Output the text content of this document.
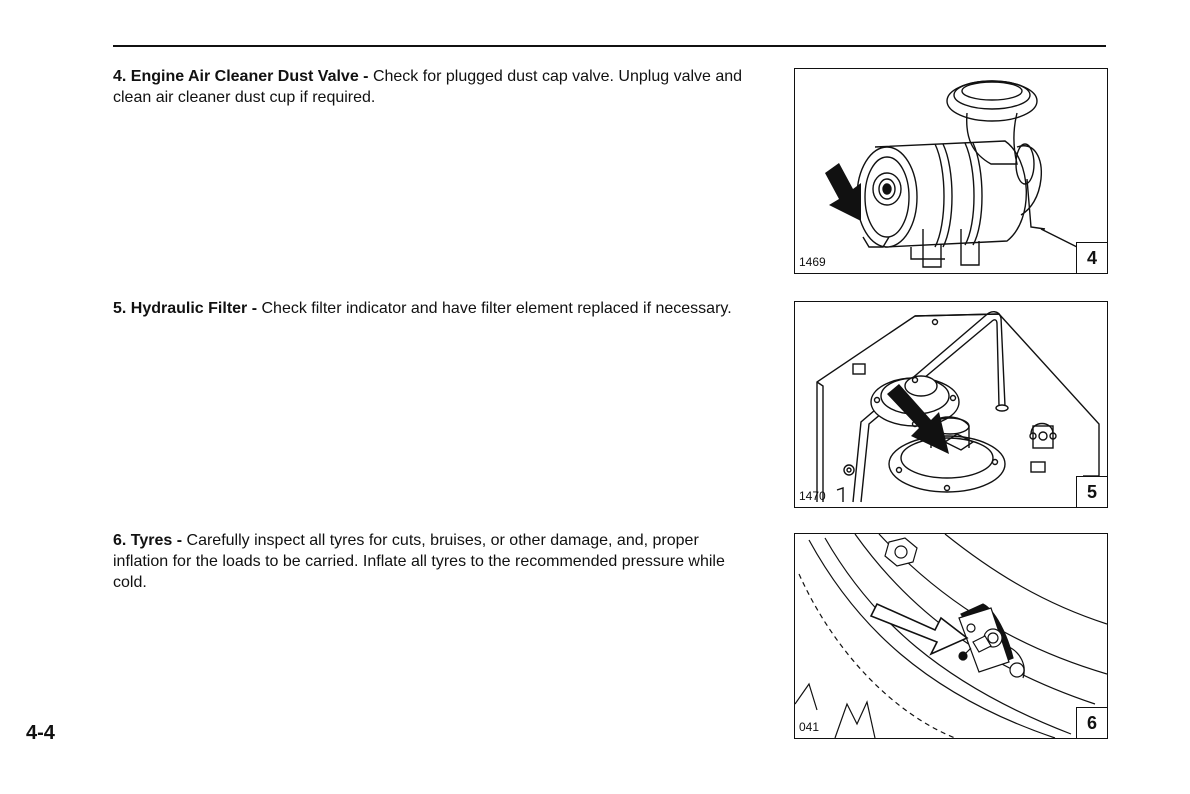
4. Engine Air Cleaner Dust Valve - Check for plugged dust cap valve. Unplug valve and clean air cleaner dust cup if required.
5. Hydraulic Filter - Check filter indicator and have filter element replaced if necessary.
6. Tyres - Carefully inspect all tyres for cuts, bruises, or other damage, and, proper inflation for the loads to be carried. Inflate all tyres to the recommended pressure while cold.
1469	4
1470	5
041	6
4-4
